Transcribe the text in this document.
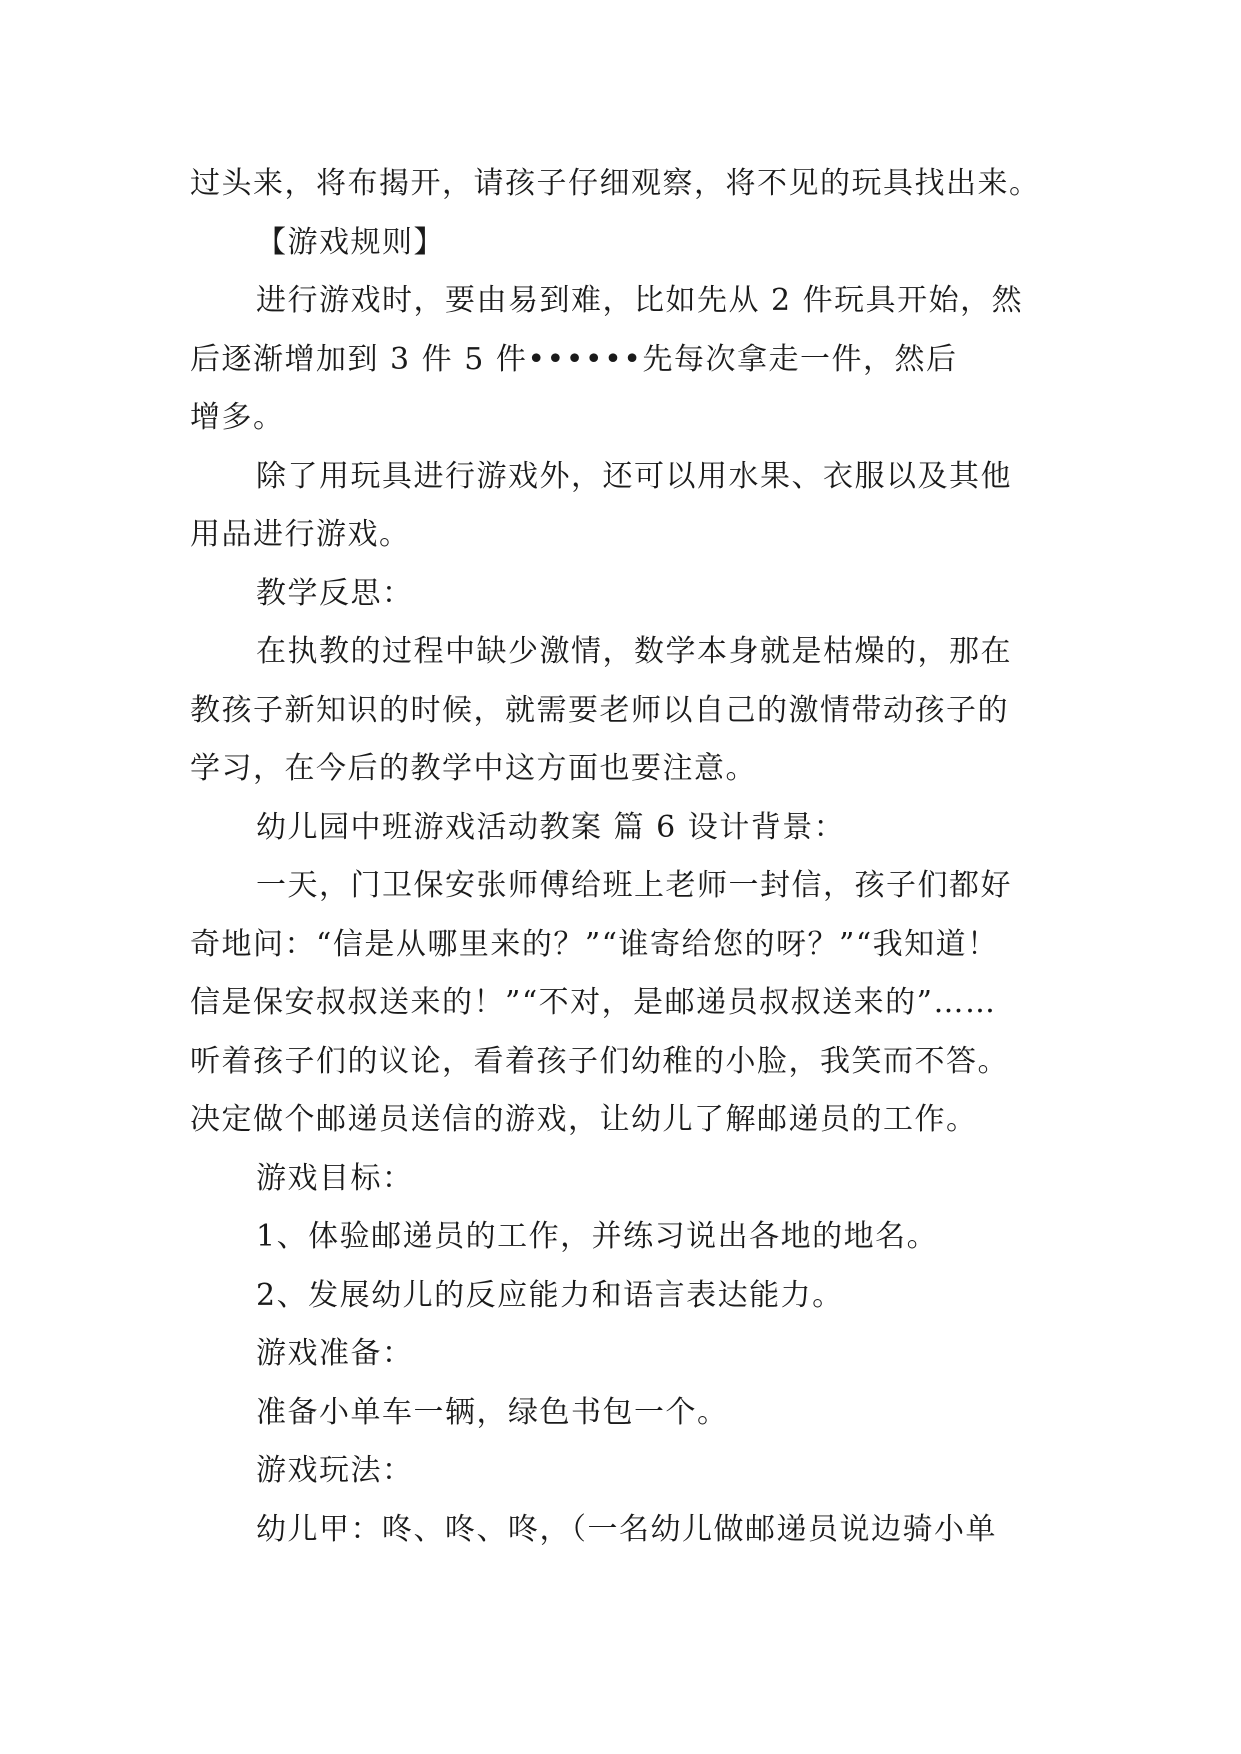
过头来，将布揭开，请孩子仔细观察，将不见的玩具找出来。
【游戏规则】
进行游戏时，要由易到难，比如先从 2 件玩具开始，然
后逐渐增加到 3 件 5 件••••••先每次拿走一件，然后
增多。
除了用玩具进行游戏外，还可以用水果、衣服以及其他
用品进行游戏。
教学反思：
在执教的过程中缺少激情，数学本身就是枯燥的，那在
教孩子新知识的时候，就需要老师以自己的激情带动孩子的
学习，在今后的教学中这方面也要注意。
幼儿园中班游戏活动教案 篇 6 设计背景：
一天，门卫保安张师傅给班上老师一封信，孩子们都好
奇地问：“信是从哪里来的？”“谁寄给您的呀？”“我知道！
信是保安叔叔送来的！”“不对，是邮递员叔叔送来的”……
听着孩子们的议论，看着孩子们幼稚的小脸，我笑而不答。
决定做个邮递员送信的游戏，让幼儿了解邮递员的工作。
游戏目标：
1、体验邮递员的工作，并练习说出各地的地名。
2、发展幼儿的反应能力和语言表达能力。
游戏准备：
准备小单车一辆，绿色书包一个。
游戏玩法：
幼儿甲：咚、咚、咚，（一名幼儿做邮递员说边骑小单
